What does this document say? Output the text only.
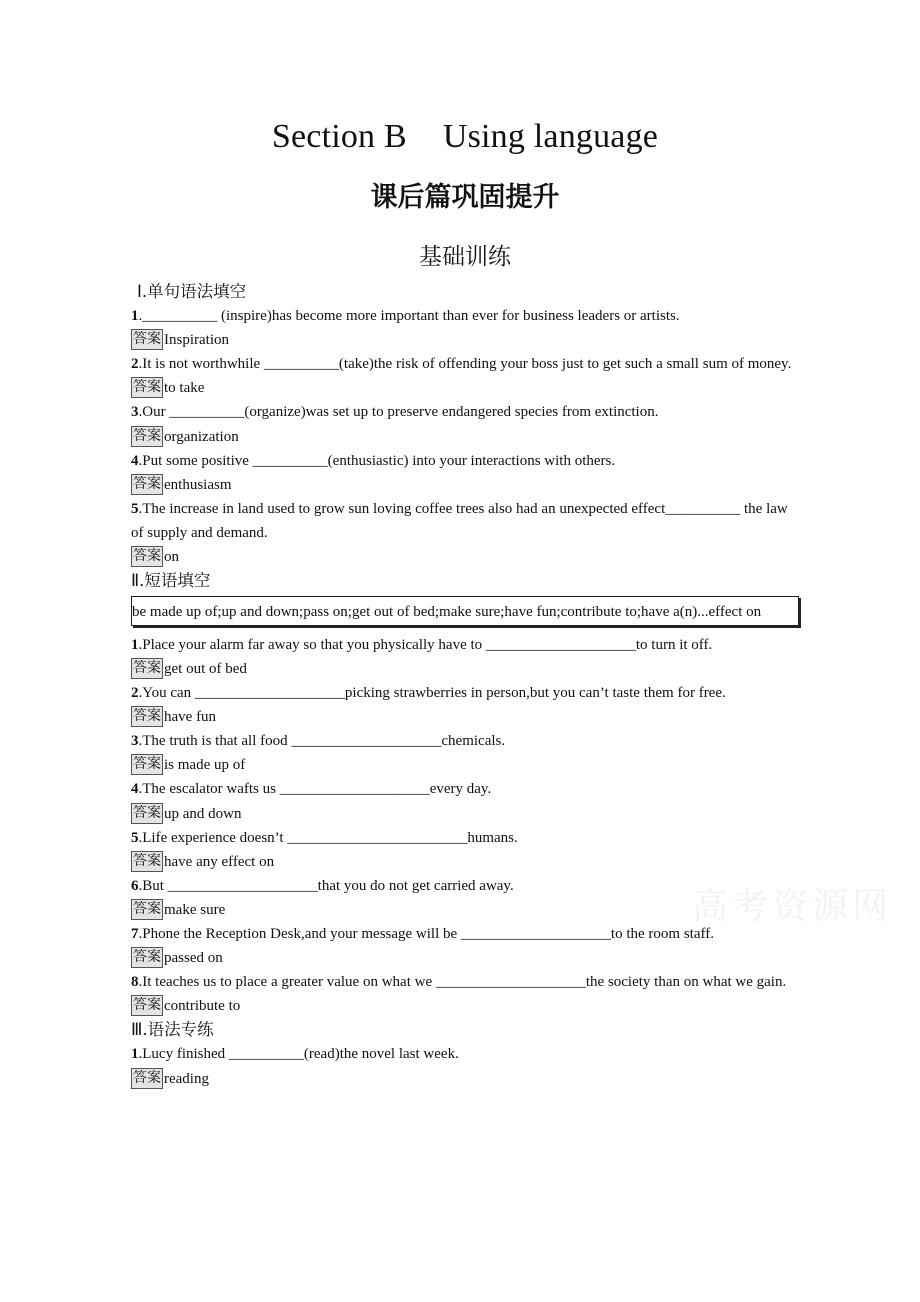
Section B Using language
课后篇巩固提升
基础训练
Ⅰ.单句语法填空
1.__________ (inspire)has become more important than ever for business leaders or artists.
答案 Inspiration
2.It is not worthwhile __________(take)the risk of offending your boss just to get such a small sum of money.
答案 to take
3.Our __________(organize)was set up to preserve endangered species from extinction.
答案 organization
4.Put some positive __________(enthusiastic) into your interactions with others.
答案 enthusiasm
5.The increase in land used to grow sun loving coffee trees also had an unexpected effect__________ the law of supply and demand.
答案 on
Ⅱ.短语填空
be made up of;up and down;pass on;get out of bed;make sure;have fun;contribute to;have a(n)...effect on
1.Place your alarm far away so that you physically have to ____________________to turn it off.
答案 get out of bed
2.You can ____________________picking strawberries in person,but you can’t taste them for free.
答案 have fun
3.The truth is that all food ____________________chemicals.
答案 is made up of
4.The escalator wafts us ____________________every day.
答案 up and down
5.Life experience doesn’t ________________________humans.
答案 have any effect on
6.But ____________________that you do not get carried away.
答案 make sure
7.Phone the Reception Desk,and your message will be ____________________to the room staff.
答案 passed on
8.It teaches us to place a greater value on what we ____________________the society than on what we gain.
答案 contribute to
Ⅲ.语法专练
1.Lucy finished __________(read)the novel last week.
答案 reading
高考资源网
